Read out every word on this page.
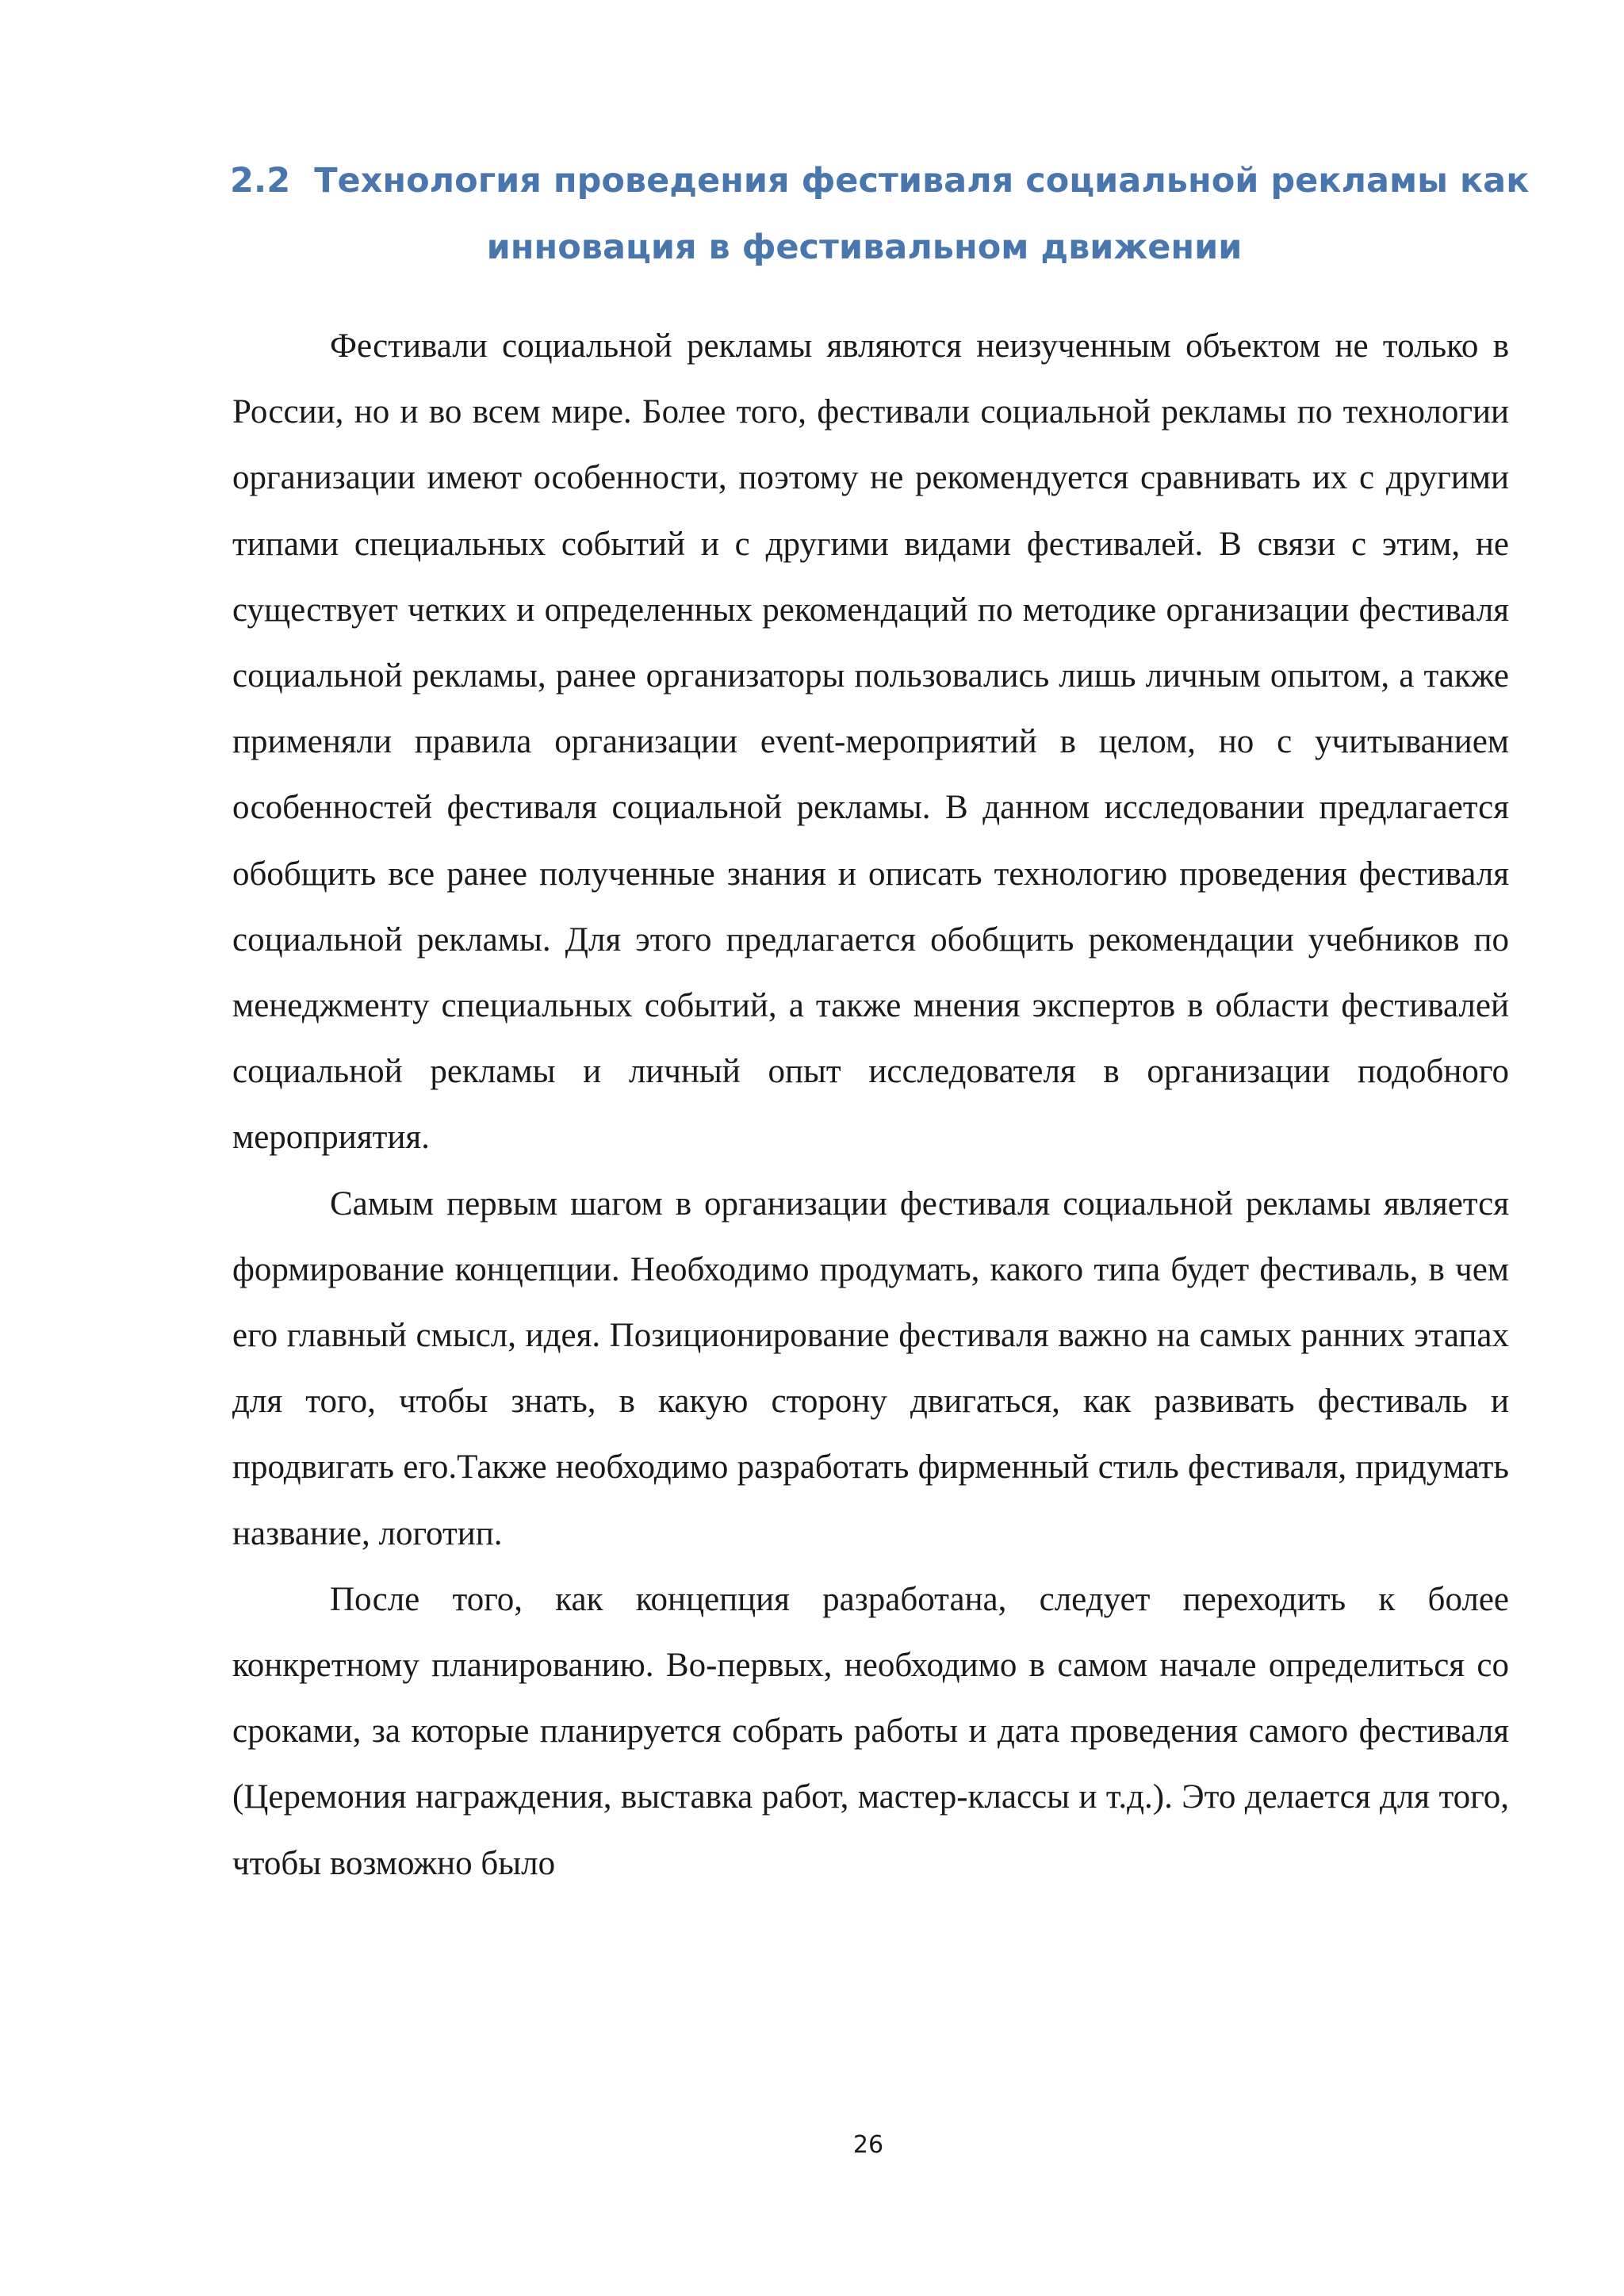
2.2 Технология проведения фестиваля социальной рекламы как
инновация в фестивальном движении

Фестивали социальной рекламы являются неизученным объектом не только в России, но и во всем мире. Более того, фестивали социальной рекламы по технологии организации имеют особенности, поэтому не рекомендуется сравнивать их с другими типами специальных событий и с другими видами фестивалей. В связи с этим, не существует четких и определенных рекомендаций по методике организации фестиваля социальной рекламы, ранее организаторы пользовались лишь личным опытом, а также применяли правила организации event-мероприятий в целом, но с учитыванием особенностей фестиваля социальной рекламы. В данном исследовании предлагается обобщить все ранее полученные знания и описать технологию проведения фестиваля социальной рекламы. Для этого предлагается обобщить рекомендации учебников по менеджменту специальных событий, а также мнения экспертов в области фестивалей социальной рекламы и личный опыт исследователя в организации подобного мероприятия.

Самым первым шагом в организации фестиваля социальной рекламы является формирование концепции. Необходимо продумать, какого типа будет фестиваль, в чем его главный смысл, идея. Позиционирование фестиваля важно на самых ранних этапах для того, чтобы знать, в какую сторону двигаться, как развивать фестиваль и продвигать его.Также необходимо разработать фирменный стиль фестиваля, придумать название, логотип.

После того, как концепция разработана, следует переходить к более конкретному планированию. Во-первых, необходимо в самом начале определиться со сроками, за которые планируется собрать работы и дата проведения самого фестиваля (Церемония награждения, выставка работ, мастер-классы и т.д.). Это делается для того, чтобы возможно было

26
